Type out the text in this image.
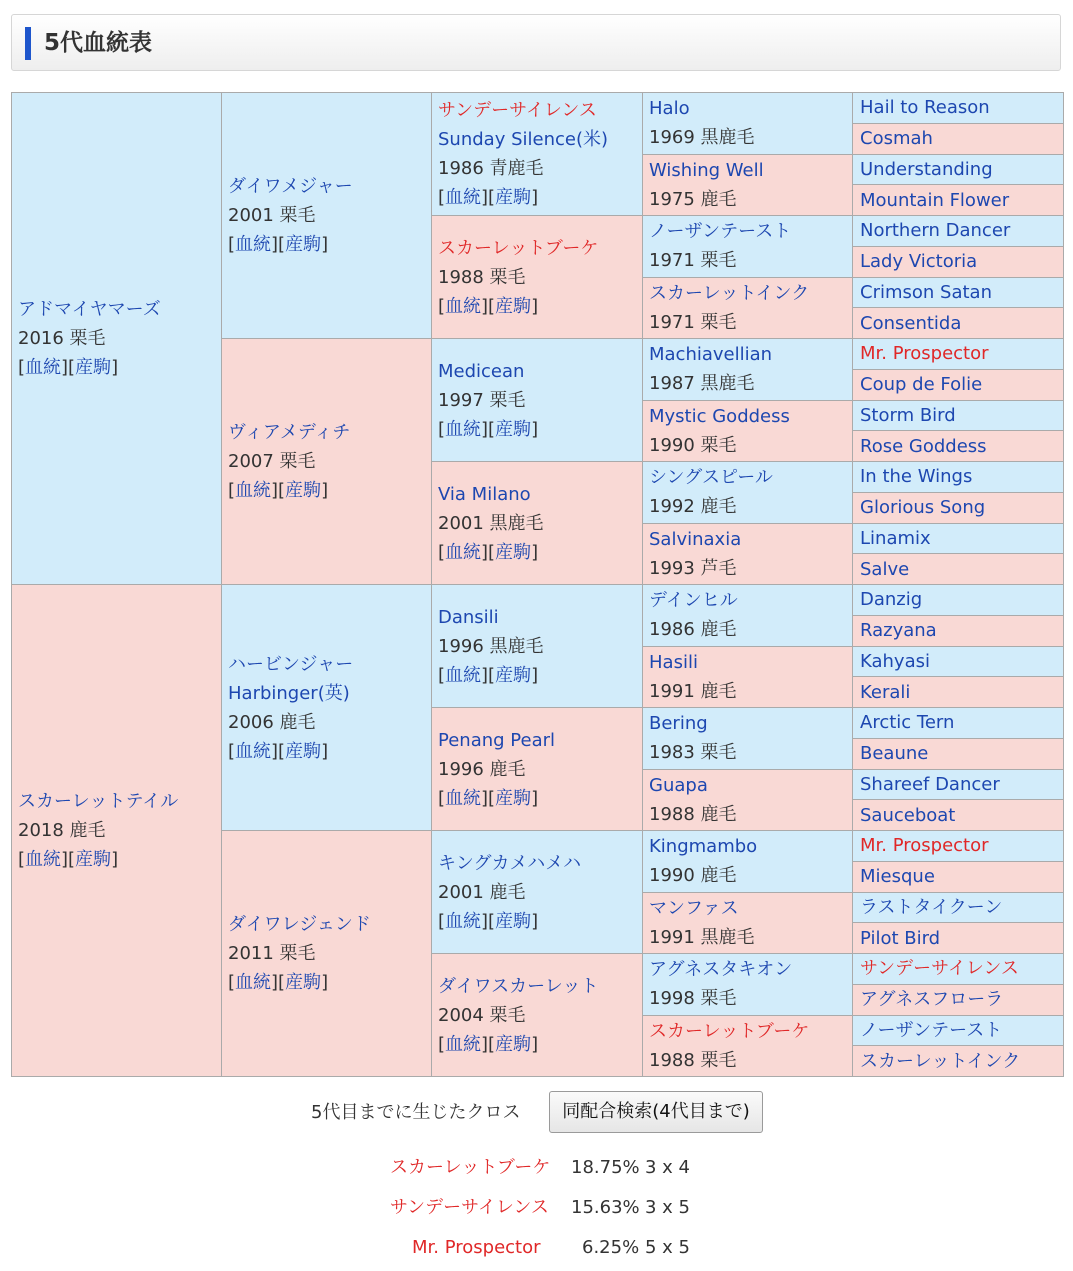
5代血統表
アドマイヤマーズ
2016 栗毛
[血統][産駒]	ダイワメジャー
2001 栗毛
[血統][産駒]	サンデーサイレンス
Sunday Silence(米)
1986 青鹿毛
[血統][産駒]	Halo
1969 黒鹿毛	Hail to Reason

				Cosmah

			Wishing Well
1975 鹿毛	Understanding

				Mountain Flower

		スカーレットブーケ
1988 栗毛
[血統][産駒]	ノーザンテースト
1971 栗毛	Northern Dancer

				Lady Victoria

			スカーレットインク
1971 栗毛	Crimson Satan

				Consentida

	ヴィアメディチ
2007 栗毛
[血統][産駒]	Medicean
1997 栗毛
[血統][産駒]	Machiavellian
1987 黒鹿毛	Mr. Prospector

				Coup de Folie

			Mystic Goddess
1990 栗毛	Storm Bird

				Rose Goddess

		Via Milano
2001 黒鹿毛
[血統][産駒]	シングスピール
1992 鹿毛	In the Wings

				Glorious Song

			Salvinaxia
1993 芦毛	Linamix

				Salve

スカーレットテイル
2018 鹿毛
[血統][産駒]	ハービンジャー
Harbinger(英)
2006 鹿毛
[血統][産駒]	Dansili
1996 黒鹿毛
[血統][産駒]	デインヒル
1986 鹿毛	Danzig

				Razyana

			Hasili
1991 鹿毛	Kahyasi

				Kerali

		Penang Pearl
1996 鹿毛
[血統][産駒]	Bering
1983 栗毛	Arctic Tern

				Beaune

			Guapa
1988 鹿毛	Shareef Dancer

				Sauceboat

	ダイワレジェンド
2011 栗毛
[血統][産駒]	キングカメハメハ
2001 鹿毛
[血統][産駒]	Kingmambo
1990 鹿毛	Mr. Prospector

				Miesque

			マンファス
1991 黒鹿毛	ラストタイクーン

				Pilot Bird

		ダイワスカーレット
2004 栗毛
[血統][産駒]	アグネスタキオン
1998 栗毛	サンデーサイレンス

				アグネスフローラ

			スカーレットブーケ
1988 栗毛	ノーザンテースト

				スカーレットインク
5代目までに生じたクロス	同配合検索(4代目まで)
スカーレットブーケ 18.75% 3 x 4
サンデーサイレンス 15.63% 3 x 5
Mr. Prospector 6.25% 5 x 5
